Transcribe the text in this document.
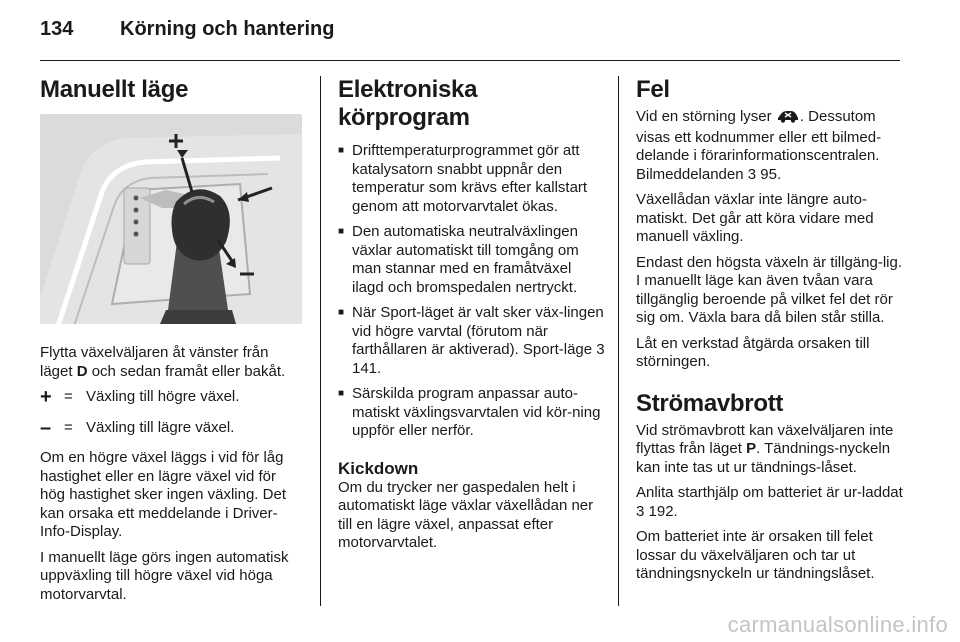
134 Körning och hantering
Manuellt läge

Flytta växelväljaren åt vänster från läget D och sedan framåt eller bakåt.

+ = Växling till högre växel.
– = Växling till lägre växel.

Om en högre växel läggs i vid för låg hastighet eller en lägre växel vid för hög hastighet sker ingen växling. Det kan orsaka ett meddelande i Driver-Info-Display.

I manuellt läge görs ingen automatisk uppväxling till högre växel vid höga motorvarvtal.

Elektroniska körprogram
■ Drifttemperaturprogrammet gör att katalysatorn snabbt uppnår den temperatur som krävs efter kallstart genom att motorvarvtalet ökas.
■ Den automatiska neutralväxlingen växlar automatiskt till tomgång om man stannar med en framåtväxel ilagd och bromspedalen nertryckt.
■ När Sport-läget är valt sker väx-lingen vid högre varvtal (förutom när farthållaren är aktiverad). Sport-läge 3 141.
■ Särskilda program anpassar auto-matiskt växlingsvarvtalen vid kör-ning uppför eller nerför.
Kickdown

Om du trycker ner gaspedalen helt i automatiskt läge växlar växellådan ner till en lägre växel, anpassat efter motorvarvtalet.

Fel

Vid en störning lyser . Dessutom visas ett kodnummer eller ett bilmed-delande i förarinformationscentralen. Bilmeddelanden 3 95.

Växellådan växlar inte längre auto-matiskt. Det går att köra vidare med manuell växling.

Endast den högsta växeln är tillgäng-lig. I manuellt läge kan även tvåan vara tillgänglig beroende på vilket fel det rör sig om. Växla bara då bilen står stilla.

Låt en verkstad åtgärda orsaken till störningen.

Strömavbrott

Vid strömavbrott kan växelväljaren inte flyttas från läget P. Tändnings-nyckeln kan inte tas ut ur tändnings-låset.

Anlita starthjälp om batteriet är ur-laddat 3 192.

Om batteriet inte är orsaken till felet lossar du växelväljaren och tar ut tändningsnyckeln ur tändningslåset.

carmanualsonline.info
